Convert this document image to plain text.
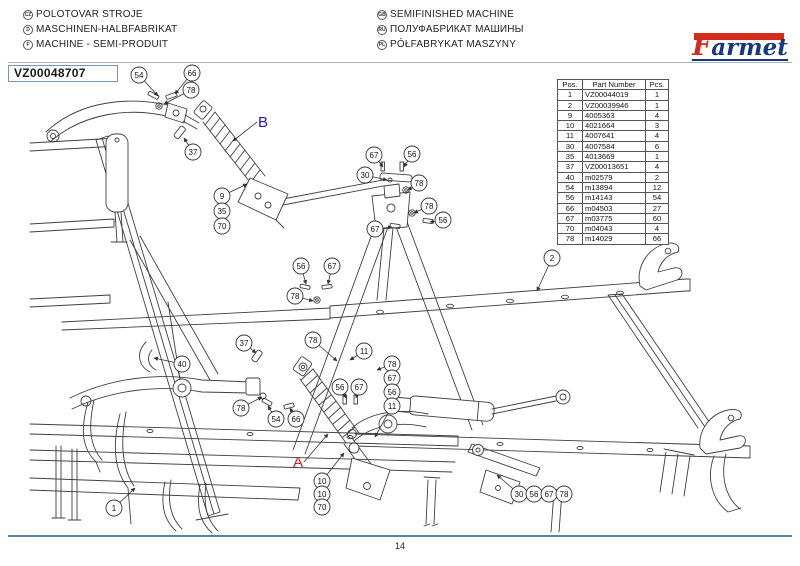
CZ POLOTOVAR STROJE
D MASCHINEN-HALBFABRIKAT
F MACHINE - SEMI-PRODUIT
GB SEMIFINISHED MACHINE
RU ПОЛУФАБРИКАТ МАШИНЫ
PL PÓŁFABRYKAT MASZYNY	Farmet
VZ00048707	54	66
78
37
9
35
70
67	56
30
78
78
56
67
56	67
78
2
37	78
11
40	78
67
56
11
56 67
78
54 66
10
10
70
30 56 67 78
1
B
A
Pos.	Part Number	Pcs.
1	VZ00044019	1
2	VZ00039946	1
9	4005363	4
10	4021664	3
11	4007641	4
30	4007584	6
35	4013669	1
37	VZ00013651	4
40	m02579	2
54	m13894	12
56	m14143	54
66	m04503	27
67	m03775	60
70	m04043	4
78	m14029	66
14
